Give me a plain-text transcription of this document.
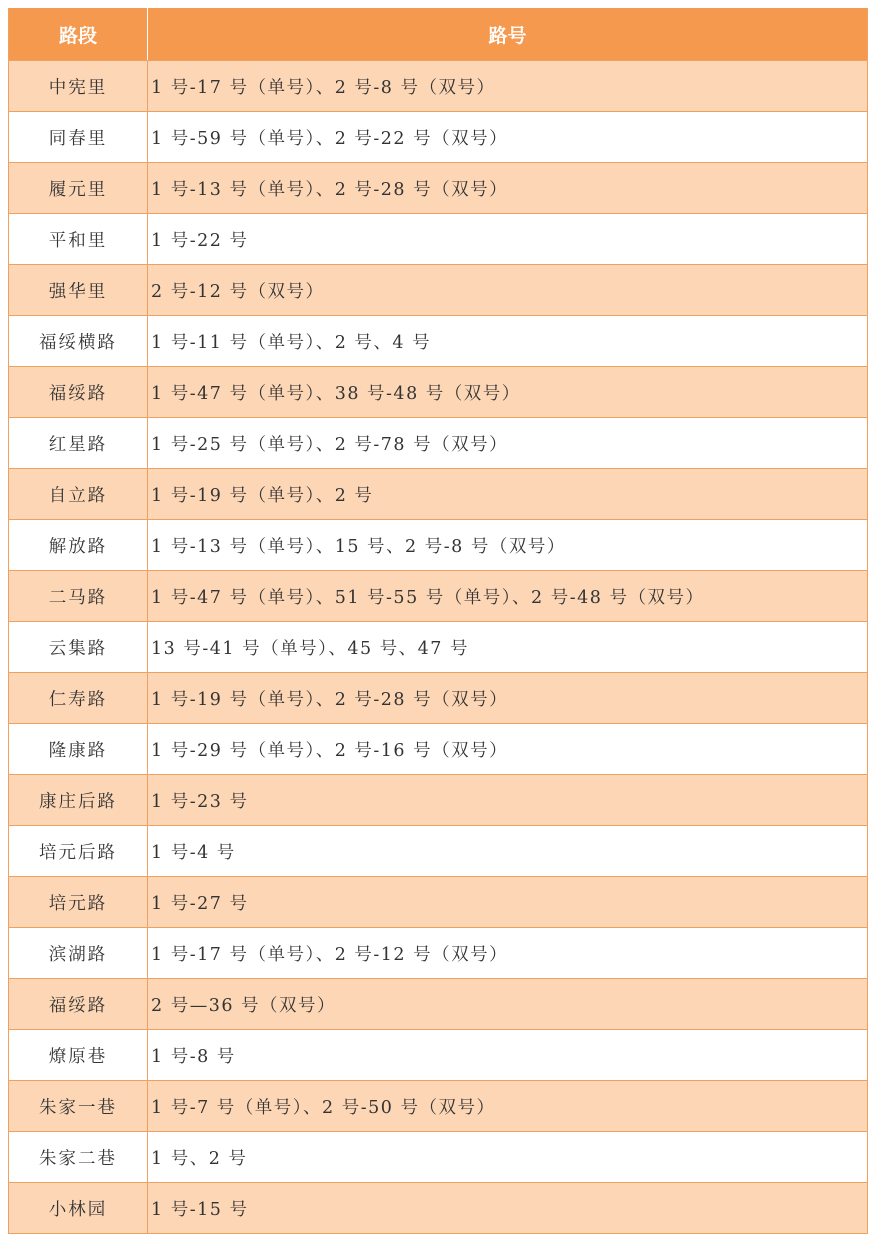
路段	路号
中宪里	1 号-17 号（单号）、2 号-8 号（双号）
同春里	1 号-59 号（单号）、2 号-22 号（双号）
履元里	1 号-13 号（单号）、2 号-28 号（双号）
平和里	1 号-22 号
强华里	2 号-12 号（双号）
福绥横路	1 号-11 号（单号）、2 号、4 号
福绥路	1 号-47 号（单号）、38 号-48 号（双号）
红星路	1 号-25 号（单号）、2 号-78 号（双号）
自立路	1 号-19 号（单号）、2 号
解放路	1 号-13 号（单号）、15 号、2 号-8 号（双号）
二马路	1 号-47 号（单号）、51 号-55 号（单号）、2 号-48 号（双号）
云集路	13 号-41 号（单号）、45 号、47 号
仁寿路	1 号-19 号（单号）、2 号-28 号（双号）
隆康路	1 号-29 号（单号）、2 号-16 号（双号）
康庄后路	1 号-23 号
培元后路	1 号-4 号
培元路	1 号-27 号
滨湖路	1 号-17 号（单号）、2 号-12 号（双号）
福绥路	2 号—36 号（双号）
燎原巷	1 号-8 号
朱家一巷	1 号-7 号（单号）、2 号-50 号（双号）
朱家二巷	1 号、2 号
小林园	1 号-15 号
